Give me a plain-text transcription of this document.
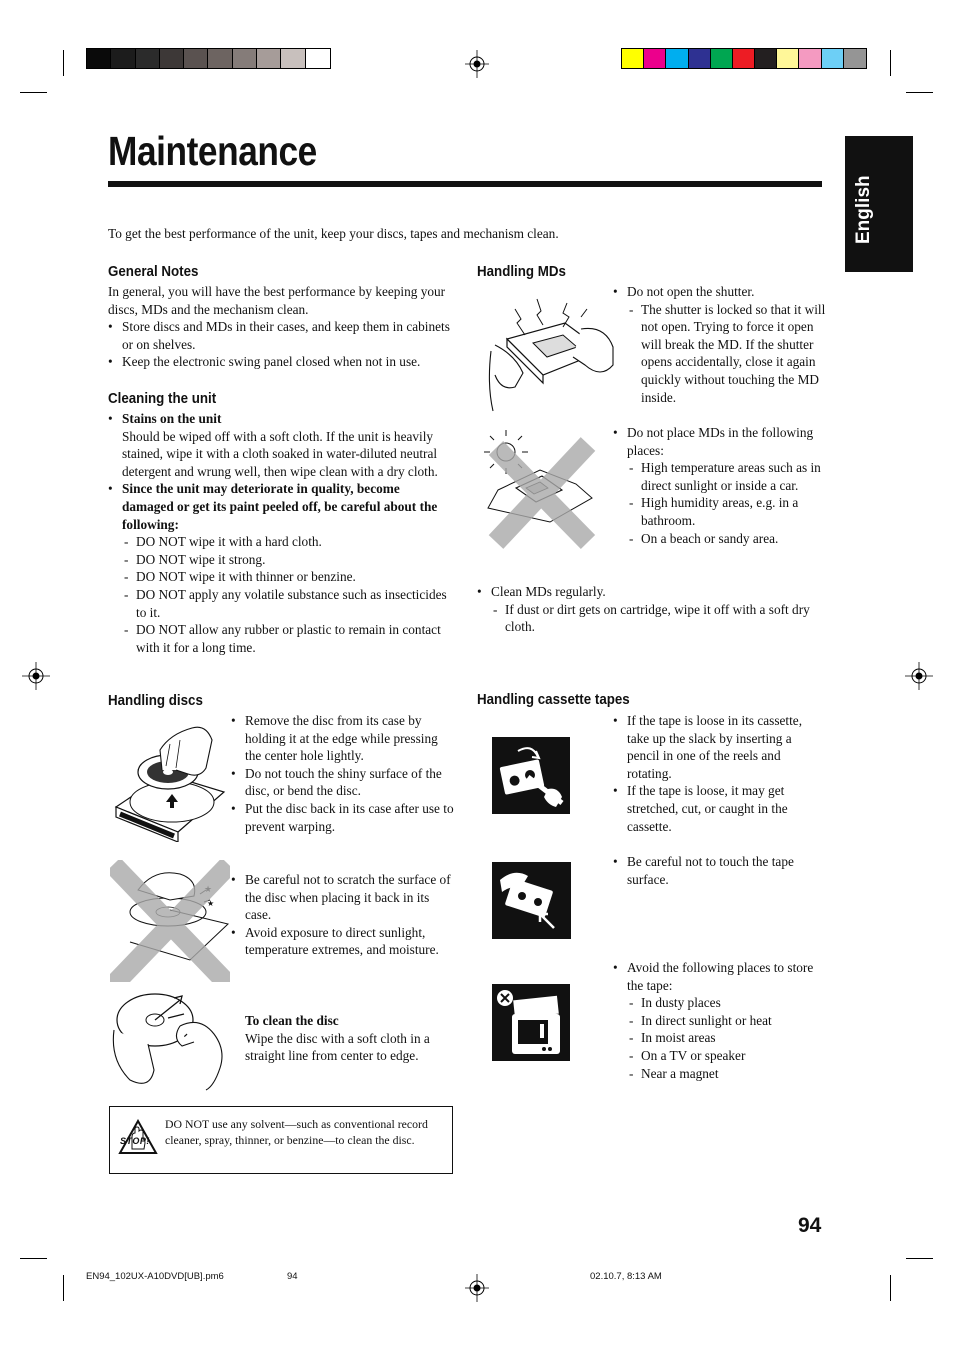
Maintenance
English
To get the best performance of the unit, keep your discs, tapes and mechanism clean.
General Notes

In general, you will have the best performance by keeping your discs, MDs and the mechanism clean.

• Store discs and MDs in their cases, and keep them in cabinets or on shelves.
• Keep the electronic swing panel closed when not in use.
Cleaning the unit
• Stains on the unit
Should be wiped off with a soft cloth. If the unit is heavily stained, wipe it with a cloth soaked in water-diluted neutral detergent and wrung well, then wipe clean with a dry cloth.
• Since the unit may deteriorate in quality, become damaged or get its paint peeled off, be careful about the following:
- DO NOT wipe it with a hard cloth.
- DO NOT wipe it strong.
- DO NOT wipe it with thinner or benzine.
- DO NOT apply any volatile substance such as insecticides to it.
- DO NOT allow any rubber or plastic to remain in contact with it for a long time.
Handling discs
• Remove the disc from its case by holding it at the edge while pressing the center hole lightly.
• Do not touch the shiny surface of the disc, or bend the disc.
• Put the disc back in its case after use to prevent warping.
★
• Be careful not to scratch the surface of the disc when placing it back in its case.
• Avoid exposure to direct sunlight, temperature extremes, and moisture.
To clean the disc
Wipe the disc with a soft cloth in a straight line from center to edge.
STOP!
DO NOT use any solvent—such as conventional record cleaner, spray, thinner, or benzine—to clean the disc.
Handling MDs
• Do not open the shutter.
- The shutter is locked so that it will not open. Trying to force it open will break the MD. If the shutter opens accidentally, close it again quickly without touching the MD inside.
• Do not place MDs in the following places:
- High temperature areas such as in direct sunlight or inside a car.
- High humidity areas, e.g. in a bathroom.
- On a beach or sandy area.
• Clean MDs regularly.
- If dust or dirt gets on cartridge, wipe it off with a soft dry cloth.
Handling cassette tapes
• If the tape is loose in its cassette, take up the slack by inserting a pencil in one of the reels and rotating.
• If the tape is loose, it may get stretched, cut, or caught in the cassette.
• Be careful not to touch the tape surface.
• Avoid the following places to store the tape:
- In dusty places
- In direct sunlight or heat
- In moist areas
- On a TV or speaker
- Near a magnet
94
EN94_102UX-A10DVD[UB].pm6	94	02.10.7, 8:13 AM
